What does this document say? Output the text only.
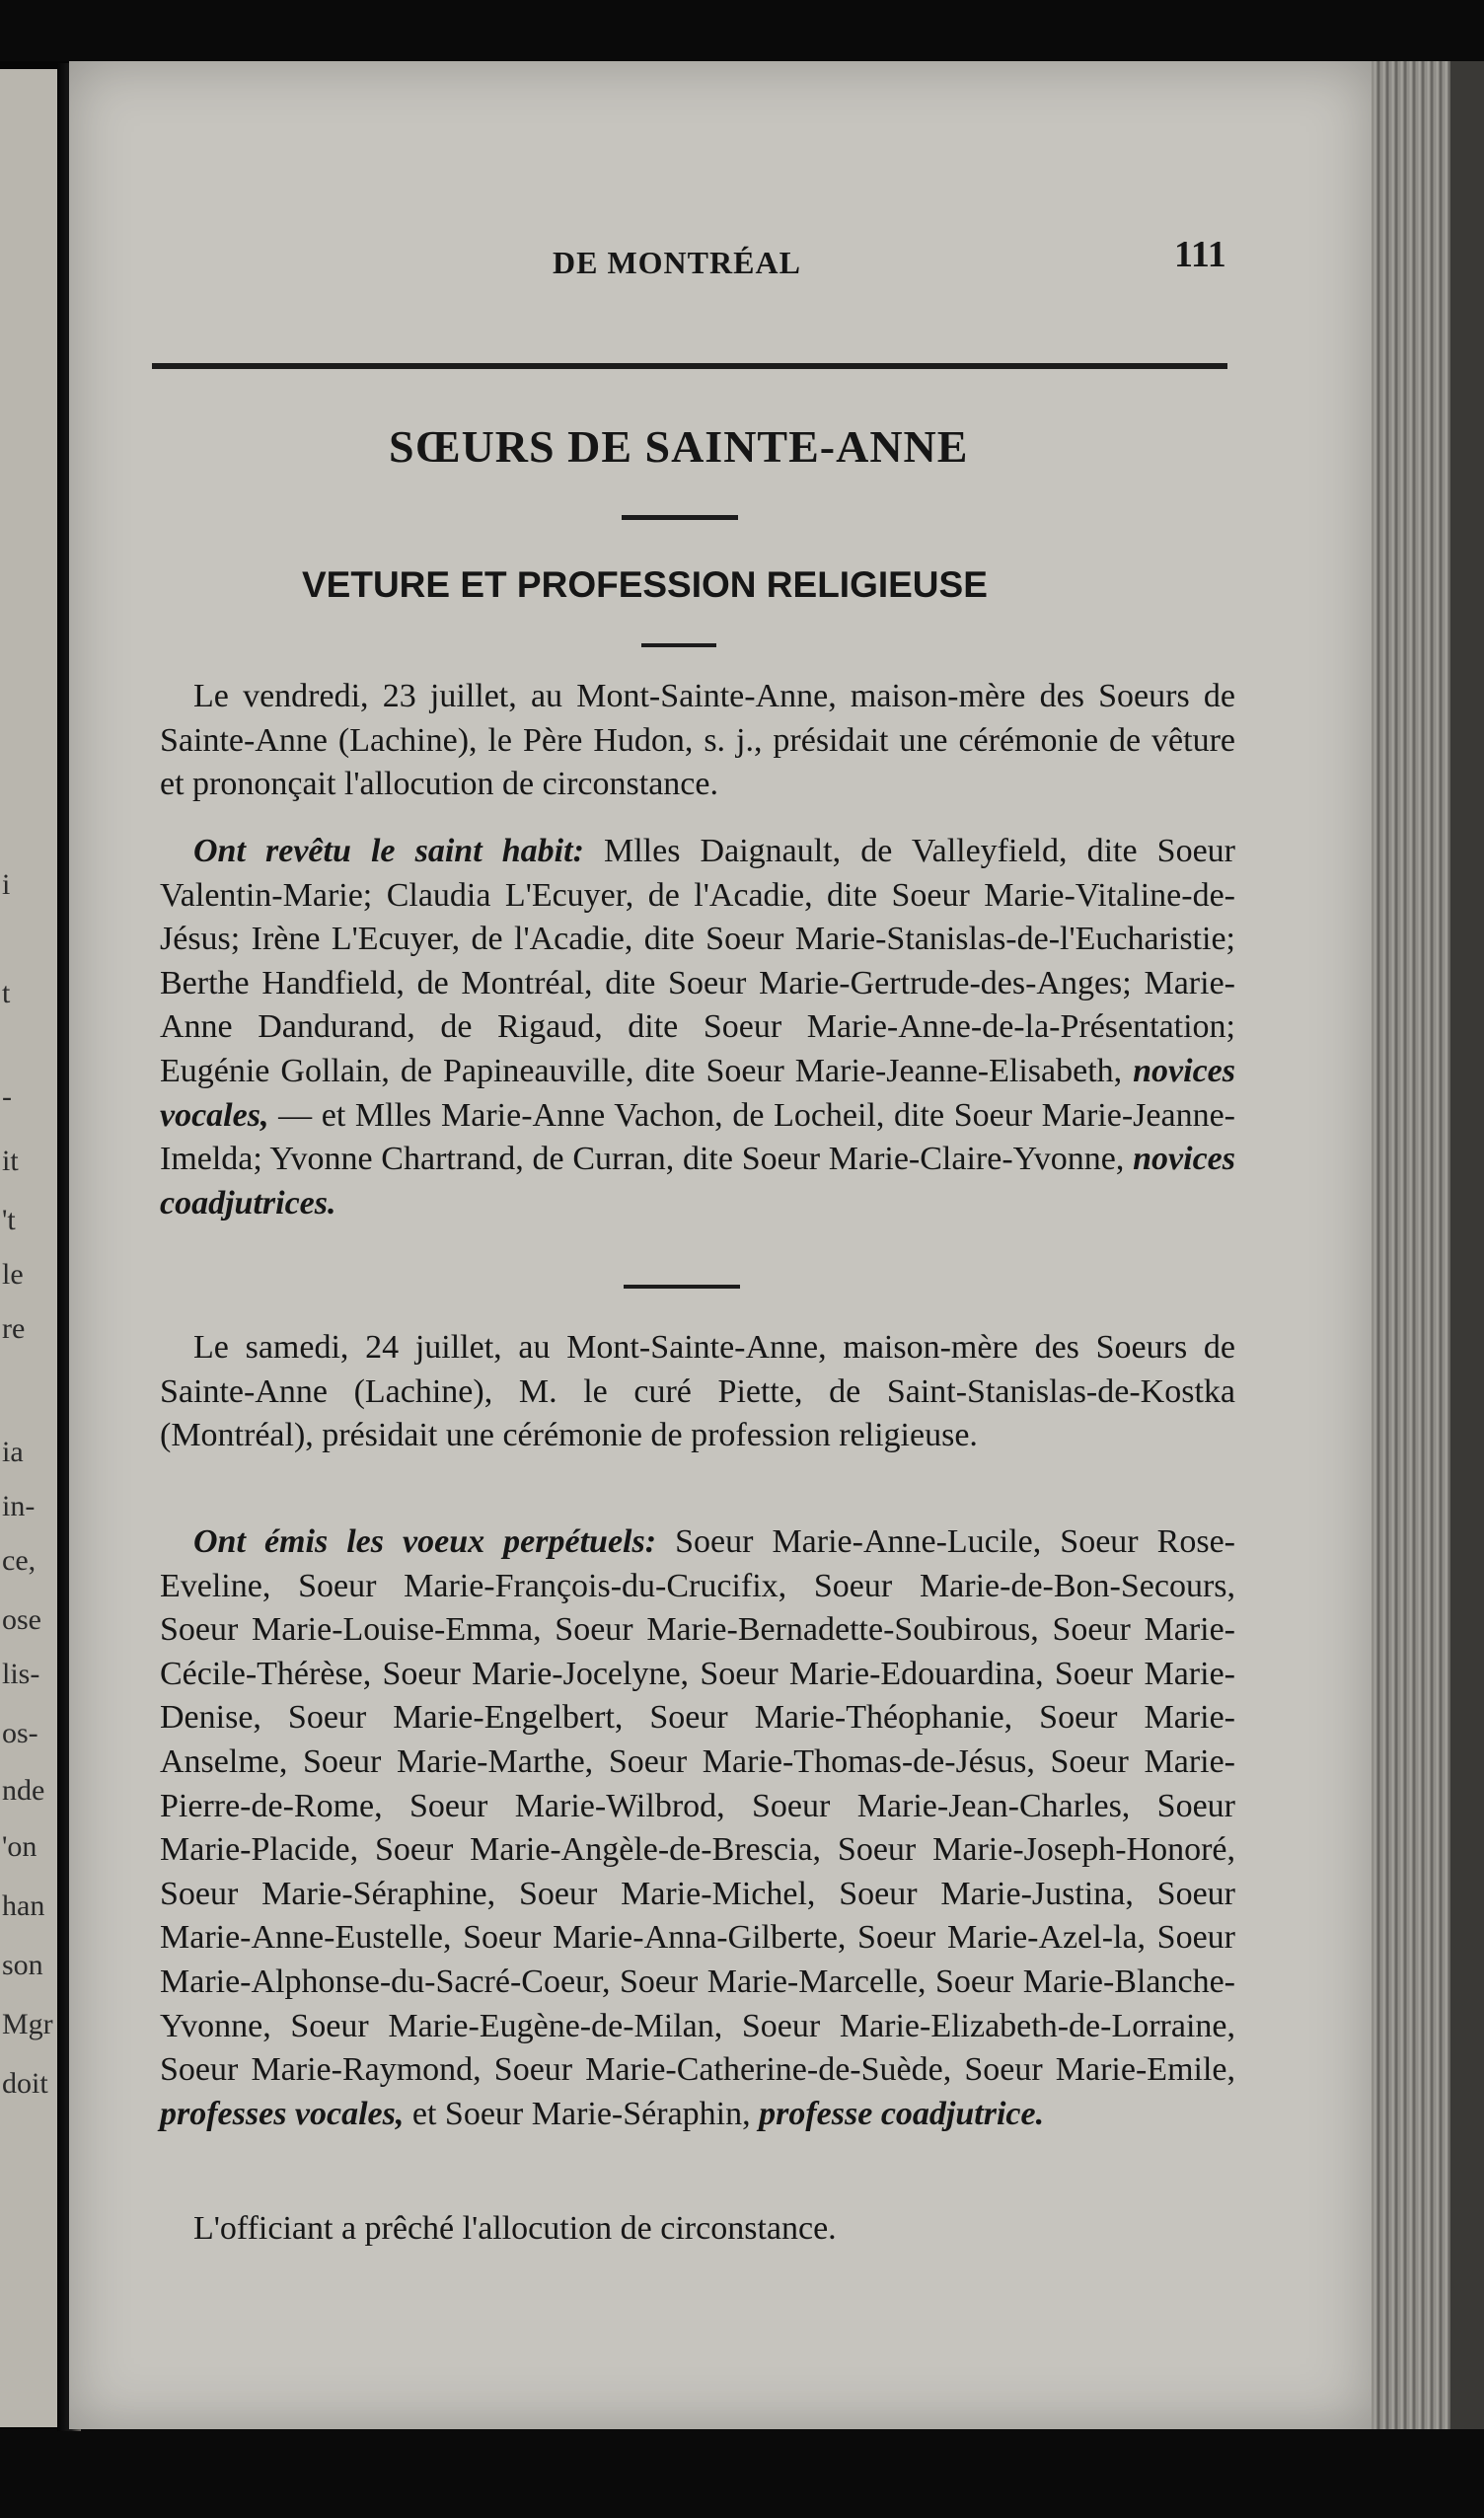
i
t
-
it
't
le
re
ia
in-
ce,
ose
lis-
os-
nde
'on
han
son
Mgr
doit
DE MONTRÉAL	111
SŒURS DE SAINTE-ANNE
VETURE ET PROFESSION RELIGIEUSE
Le vendredi, 23 juillet, au Mont-Sainte-Anne, maison-mère des Soeurs de Sainte-Anne (Lachine), le Père Hudon, s. j., présidait une cérémonie de vêture et prononçait l'allocution de circonstance.
Ont revêtu le saint habit: Mlles Daignault, de Valleyfield, dite Soeur Valentin-Marie; Claudia L'Ecuyer, de l'Acadie, dite Soeur Marie-Vitaline-de-Jésus; Irène L'Ecuyer, de l'Acadie, dite Soeur Marie-Stanislas-de-l'Eucharistie; Berthe Handfield, de Montréal, dite Soeur Marie-Gertrude-des-Anges; Marie-Anne Dandurand, de Rigaud, dite Soeur Marie-Anne-de-la-Présentation; Eugénie Gollain, de Papineauville, dite Soeur Marie-Jeanne-Elisabeth, novices vocales, — et Mlles Marie-Anne Vachon, de Locheil, dite Soeur Marie-Jeanne-Imelda; Yvonne Chartrand, de Curran, dite Soeur Marie-Claire-Yvonne, novices coadjutrices.
Le samedi, 24 juillet, au Mont-Sainte-Anne, maison-mère des Soeurs de Sainte-Anne (Lachine), M. le curé Piette, de Saint-Stanislas-de-Kostka (Montréal), présidait une cérémonie de profession religieuse.
Ont émis les voeux perpétuels: Soeur Marie-Anne-Lucile, Soeur Rose-Eveline, Soeur Marie-François-du-Crucifix, Soeur Marie-de-Bon-Secours, Soeur Marie-Louise-Emma, Soeur Marie-Bernadette-Soubirous, Soeur Marie-Cécile-Thérèse, Soeur Marie-Jocelyne, Soeur Marie-Edouardina, Soeur Marie-Denise, Soeur Marie-Engelbert, Soeur Marie-Théophanie, Soeur Marie-Anselme, Soeur Marie-Marthe, Soeur Marie-Thomas-de-Jésus, Soeur Marie-Pierre-de-Rome, Soeur Marie-Wilbrod, Soeur Marie-Jean-Charles, Soeur Marie-Placide, Soeur Marie-Angèle-de-Brescia, Soeur Marie-Joseph-Honoré, Soeur Marie-Séraphine, Soeur Marie-Michel, Soeur Marie-Justina, Soeur Marie-Anne-Eustelle, Soeur Marie-Anna-Gilberte, Soeur Marie-Azel-la, Soeur Marie-Alphonse-du-Sacré-Coeur, Soeur Marie-Marcelle, Soeur Marie-Blanche-Yvonne, Soeur Marie-Eugène-de-Milan, Soeur Marie-Elizabeth-de-Lorraine, Soeur Marie-Raymond, Soeur Marie-Catherine-de-Suède, Soeur Marie-Emile, professes vocales, et Soeur Marie-Séraphin, professe coadjutrice.
L'officiant a prêché l'allocution de circonstance.
